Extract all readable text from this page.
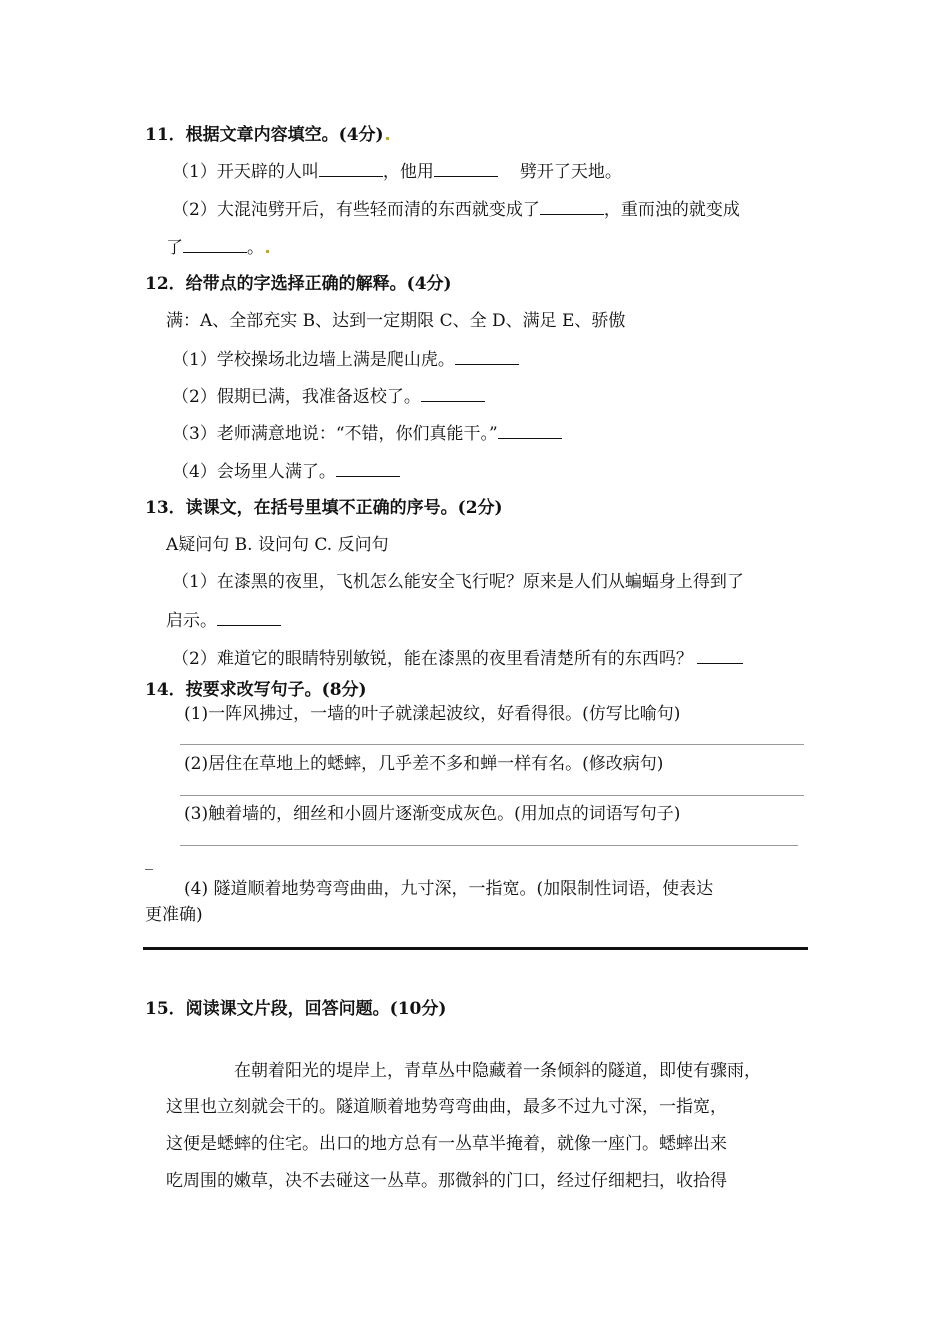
11．根据文章内容填空。(4分)
（1）开天辟的人叫	，他用	劈开了天地。
（2）大混沌劈开后，有些轻而清的东西就变成了	，重而浊的就变成
了	。
12．给带点的字选择正确的解释。(4分)
满：A、全部充实 B、达到一定期限 C、全 D、满足 E、骄傲
（1）学校操场北边墙上满是爬山虎。
（2）假期已满，我准备返校了。
（3）老师满意地说：“不错，你们真能干。”
（4）会场里人满了。
13．读课文，在括号里填不正确的序号。(2分)
A疑问句 B. 设问句 C. 反问句
（1）在漆黑的夜里，飞机怎么能安全飞行呢？原来是人们从蝙蝠身上得到了
启示。
（2）难道它的眼睛特别敏锐，能在漆黑的夜里看清楚所有的东西吗？
14．按要求改写句子。(8分)
(1)一阵风拂过，一墙的叶子就漾起波纹，好看得很。(仿写比喻句)
(2)居住在草地上的蟋蟀，几乎差不多和蝉一样有名。(修改病句)
(3)触着墙的，细丝和小圆片逐渐变成灰色。(用加点的词语写句子)
(4) 隧道顺着地势弯弯曲曲，九寸深，一指宽。(加限制性词语，使表达
更准确)
15．阅读课文片段，回答问题。(10分)
在朝着阳光的堤岸上，青草丛中隐藏着一条倾斜的隧道，即使有骤雨，
这里也立刻就会干的。隧道顺着地势弯弯曲曲，最多不过九寸深，一指宽，
这便是蟋蟀的住宅。出口的地方总有一丛草半掩着，就像一座门。蟋蟀出来
吃周围的嫩草，决不去碰这一丛草。那微斜的门口，经过仔细耙扫，收拾得
